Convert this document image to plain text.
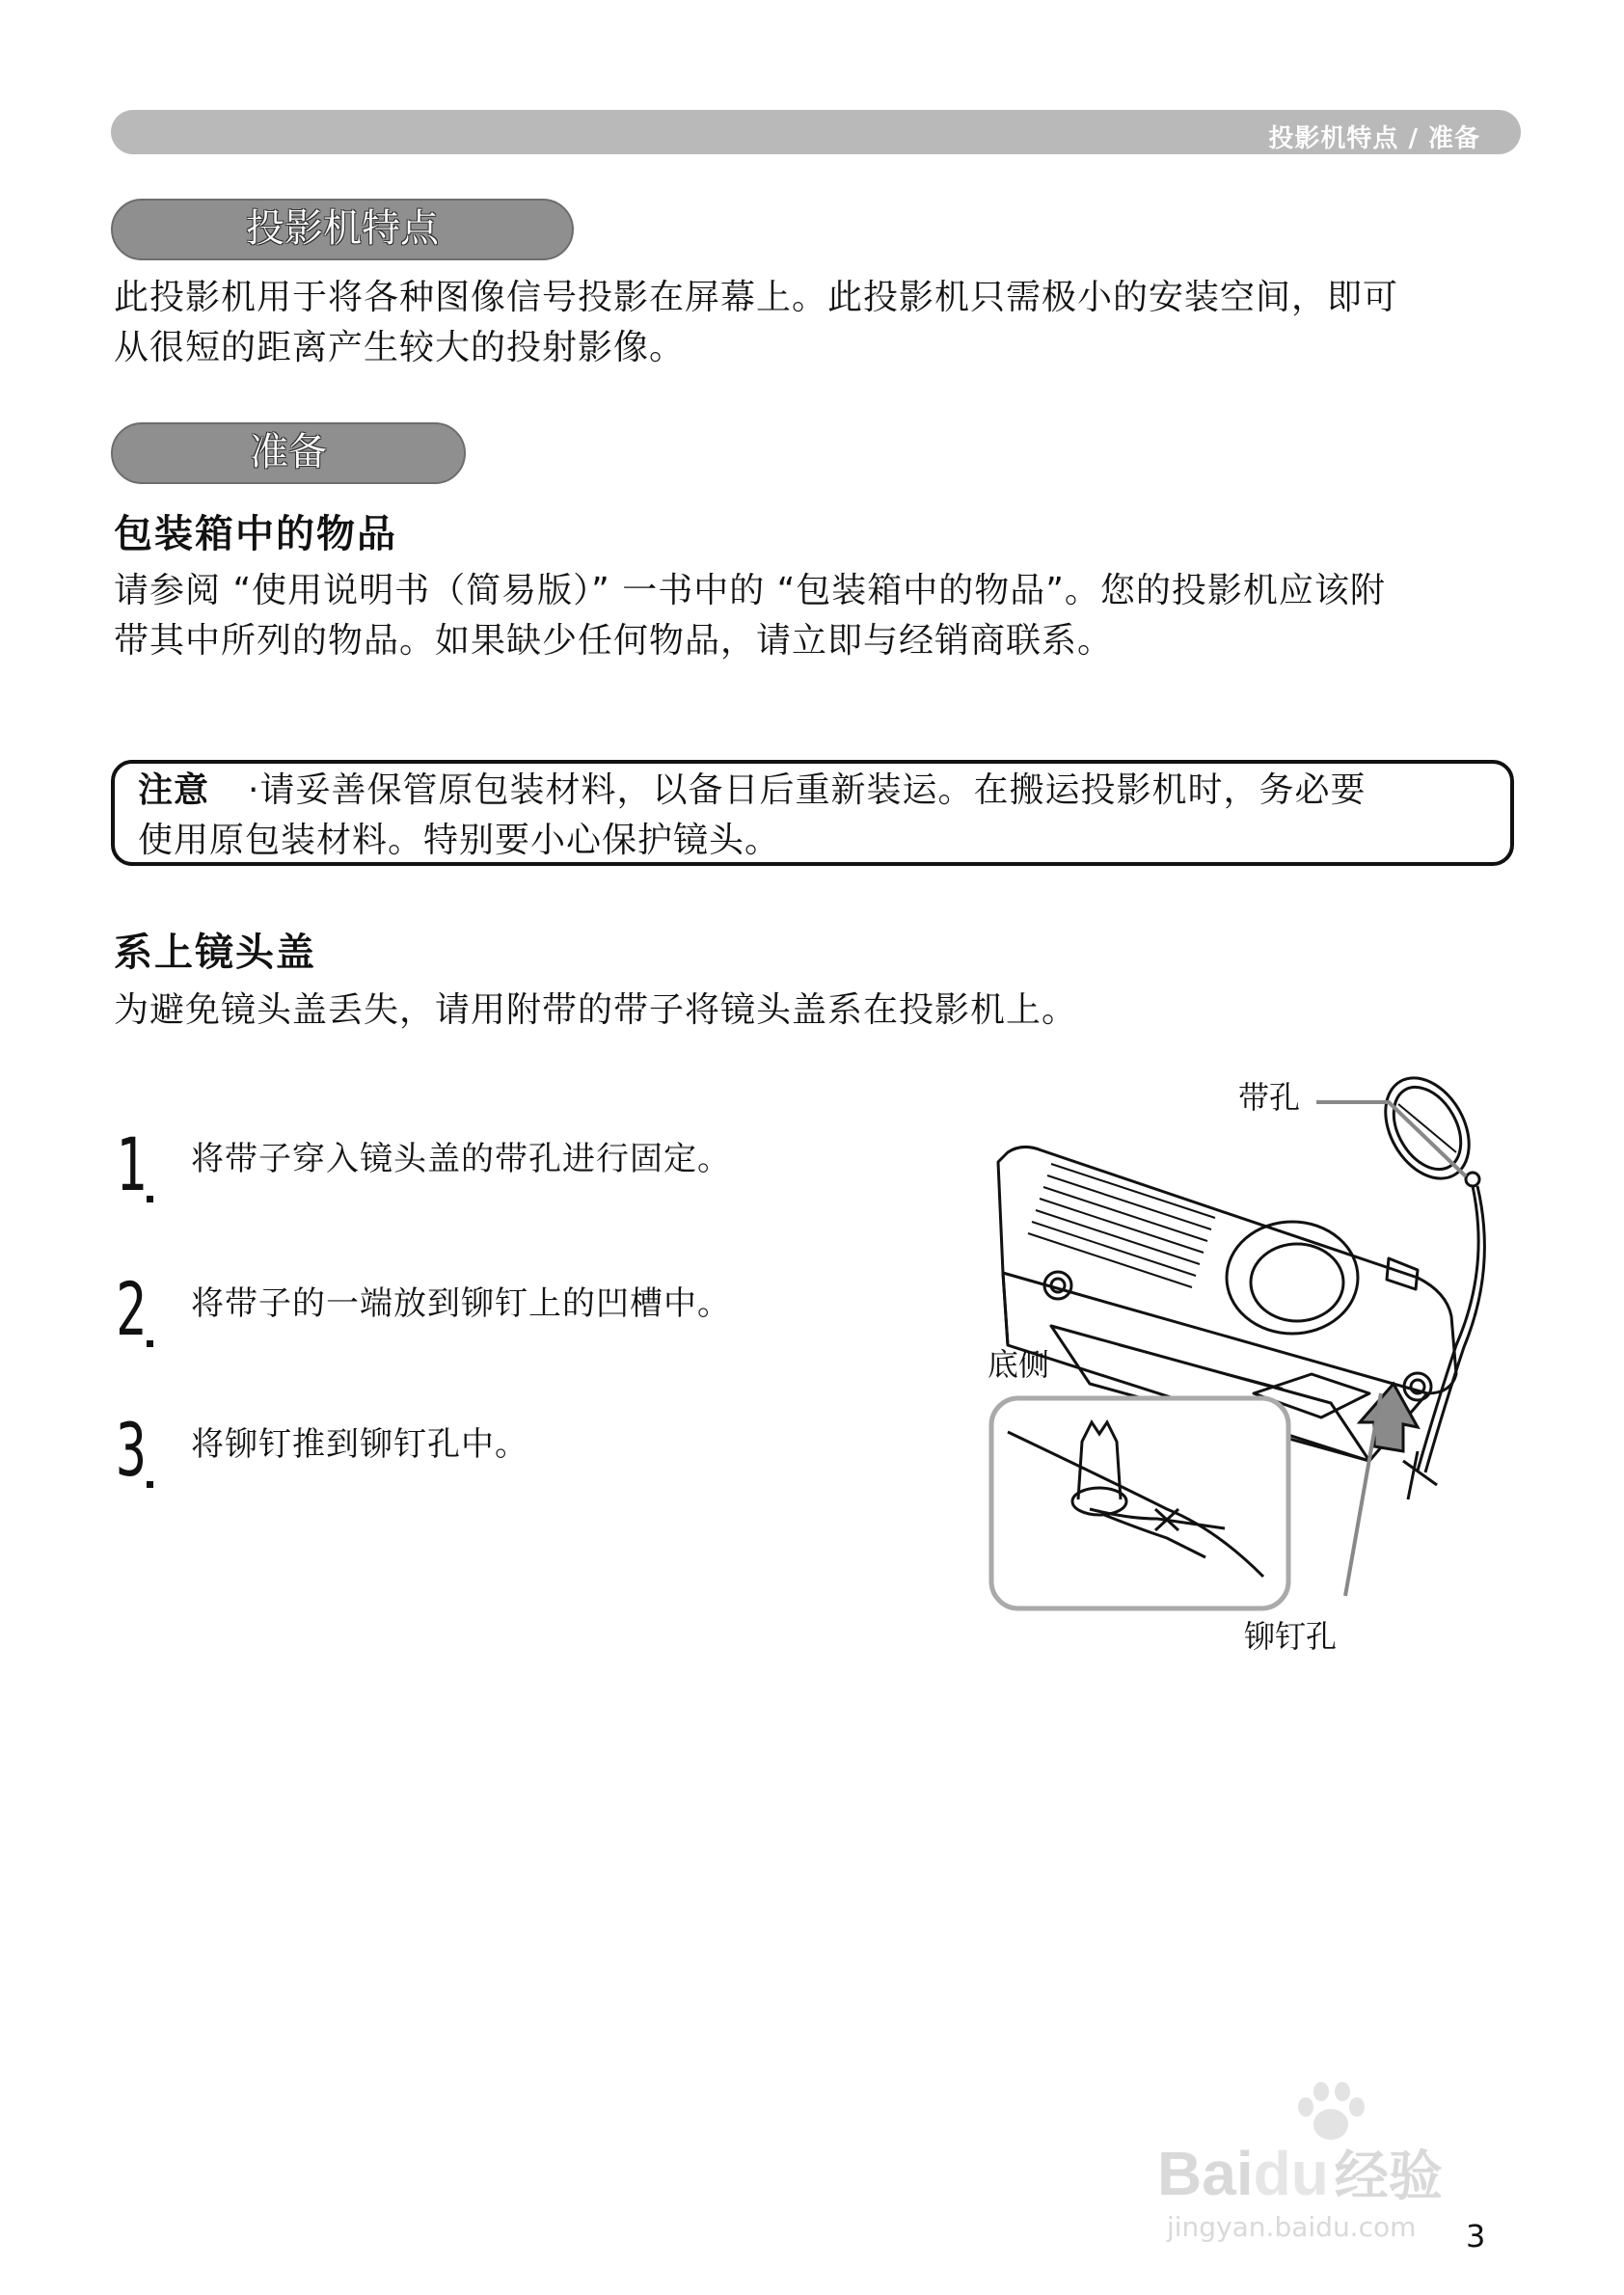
投影机特点 / 准备
投影机特点
此投影机用于将各种图像信号投影在屏幕上。此投影机只需极小的安装空间，即可
从很短的距离产生较大的投射影像。
准备
包装箱中的物品
请参阅 “使用说明书（简易版）” 一书中的 “包装箱中的物品”。您的投影机应该附
带其中所列的物品。如果缺少任何物品，请立即与经销商联系。
注意 ·请妥善保管原包装材料，以备日后重新装运。在搬运投影机时，务必要
使用原包装材料。特别要小心保护镜头。
系上镜头盖
为避免镜头盖丢失，请用附带的带子将镜头盖系在投影机上。
1 将带子穿入镜头盖的带孔进行固定。
2 将带子的一端放到铆钉上的凹槽中。
3 将铆钉推到铆钉孔中。
带孔
底侧
铆钉孔
Baidu 经验
jingyan.baidu.com 3
